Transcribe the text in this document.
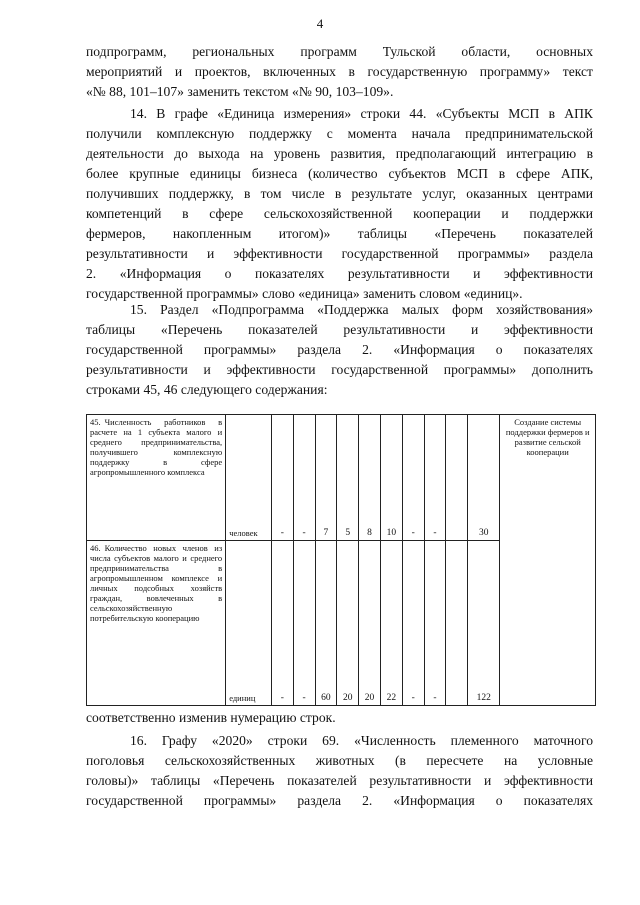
4

подпрограмм, региональных программ Тульской области, основных

мероприятий и проектов, включенных в государственную программу» текст

«№ 88, 101–107» заменить текстом «№ 90, 103–109».

14. В графе «Единица измерения» строки 44. «Субъекты МСП в АПК

получили комплексную поддержку с момента начала предпринимательской

деятельности до выхода на уровень развития, предполагающий интеграцию в

более крупные единицы бизнеса (количество субъектов МСП в сфере АПК,

получивших поддержку, в том числе в результате услуг, оказанных центрами

компетенций в сфере сельскохозяйственной кооперации и поддержки

фермеров, накопленным итогом)» таблицы «Перечень показателей

результативности и эффективности государственной программы» раздела

2. «Информация о показателях результативности и эффективности

государственной программы» слово «единица» заменить словом «единиц».

15. Раздел «Подпрограмма «Поддержка малых форм хозяйствования»

таблицы «Перечень показателей результативности и эффективности

государственной программы» раздела 2. «Информация о показателях

результативности и эффективности государственной программы» дополнить

строками 45, 46 следующего содержания:

45. Численность работников в расчете на 1 субъекта малого и среднего предпринимательства, получившего комплексную поддержку в сфере агропромышленного комплекса	человек	-	-	7	5	8	10	-	-		30	Создание системы поддержки фермеров и развитие сельской кооперации
46. Количество новых членов из числа субъектов малого и среднего предпринимательства в агропромышленном комплексе и личных подсобных хозяйств граждан, вовлеченных в сельскохозяйственную потребительскую кооперацию	единиц	-	-	60	20	20	22	-	-		122	

соответственно изменив нумерацию строк.

16. Графу «2020» строки 69. «Численность племенного маточного

поголовья сельскохозяйственных животных (в пересчете на условные

головы)» таблицы «Перечень показателей результативности и эффективности

государственной программы» раздела 2. «Информация о показателях
